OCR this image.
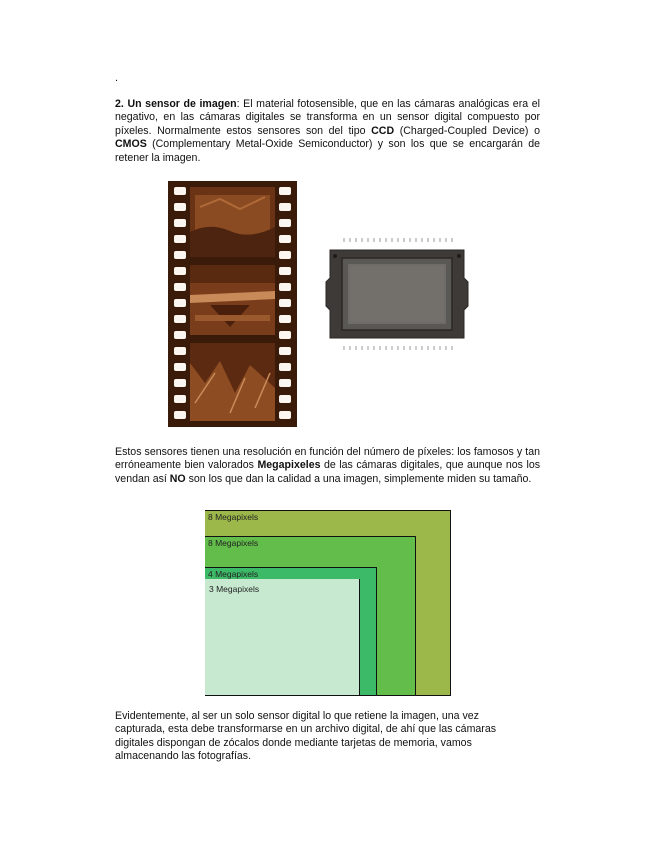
.

2. Un sensor de imagen: El material fotosensible, que en las cámaras analógicas era el negativo, en las cámaras digitales se transforma en un sensor digital compuesto por píxeles. Normalmente estos sensores son del tipo CCD (Charged-Coupled Device) o CMOS (Complementary Metal-Oxide Semiconductor) y son los que se encargarán de retener la imagen.

Estos sensores tienen una resolución en función del número de píxeles: los famosos y tan erróneamente bien valorados Megapixeles de las cámaras digitales, que aunque nos los vendan así NO son los que dan la calidad a una imagen, simplemente miden su tamaño.

8 Megapixels
8 Megapixels
4 Megapixels
3 Megapixels

Evidentemente, al ser un solo sensor digital lo que retiene la imagen, una vez capturada, esta debe transformarse en un archivo digital, de ahí que las cámaras digitales dispongan de zócalos donde mediante tarjetas de memoria, vamos almacenando las fotografías.
